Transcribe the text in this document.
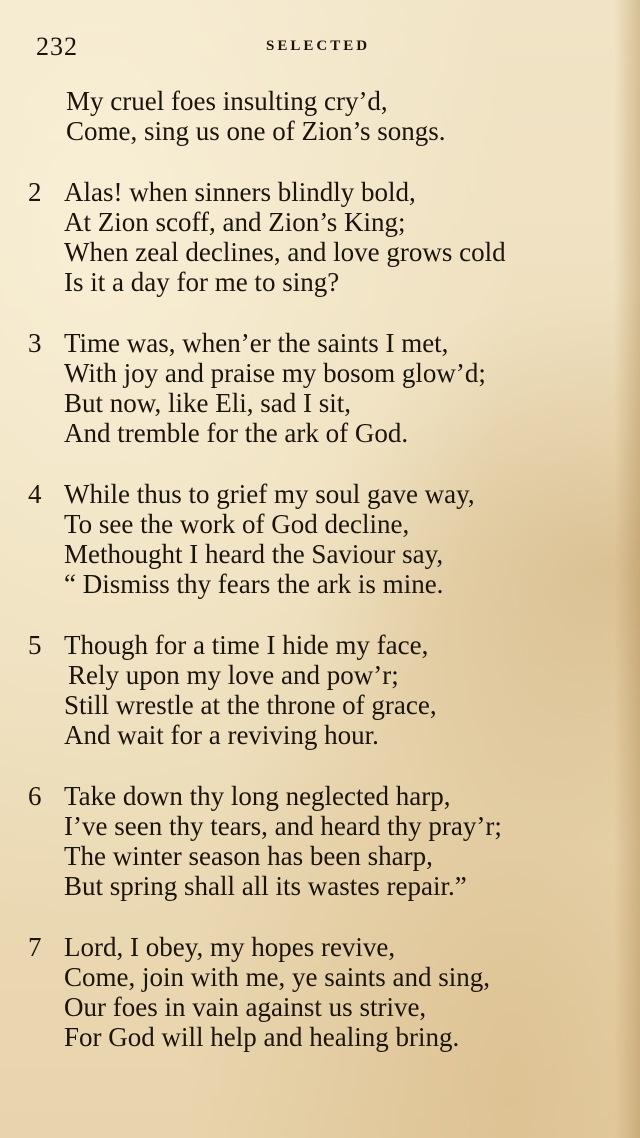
232	SELECTED
My cruel foes insulting cry’d,
Come, sing us one of Zion’s songs.
2 Alas! when sinners blindly bold,
At Zion scoff, and Zion’s King;
When zeal declines, and love grows cold
Is it a day for me to sing?
3 Time was, when’er the saints I met,
With joy and praise my bosom glow’d;
But now, like Eli, sad I sit,
And tremble for the ark of God.
4 While thus to grief my soul gave way,
To see the work of God decline,
Methought I heard the Saviour say,
“ Dismiss thy fears the ark is mine.
5 Though for a time I hide my face,
Rely upon my love and pow’r;
Still wrestle at the throne of grace,
And wait for a reviving hour.
6 Take down thy long neglected harp,
I’ve seen thy tears, and heard thy pray’r;
The winter season has been sharp,
But spring shall all its wastes repair.”
7 Lord, I obey, my hopes revive,
Come, join with me, ye saints and sing,
Our foes in vain against us strive,
For God will help and healing bring.
